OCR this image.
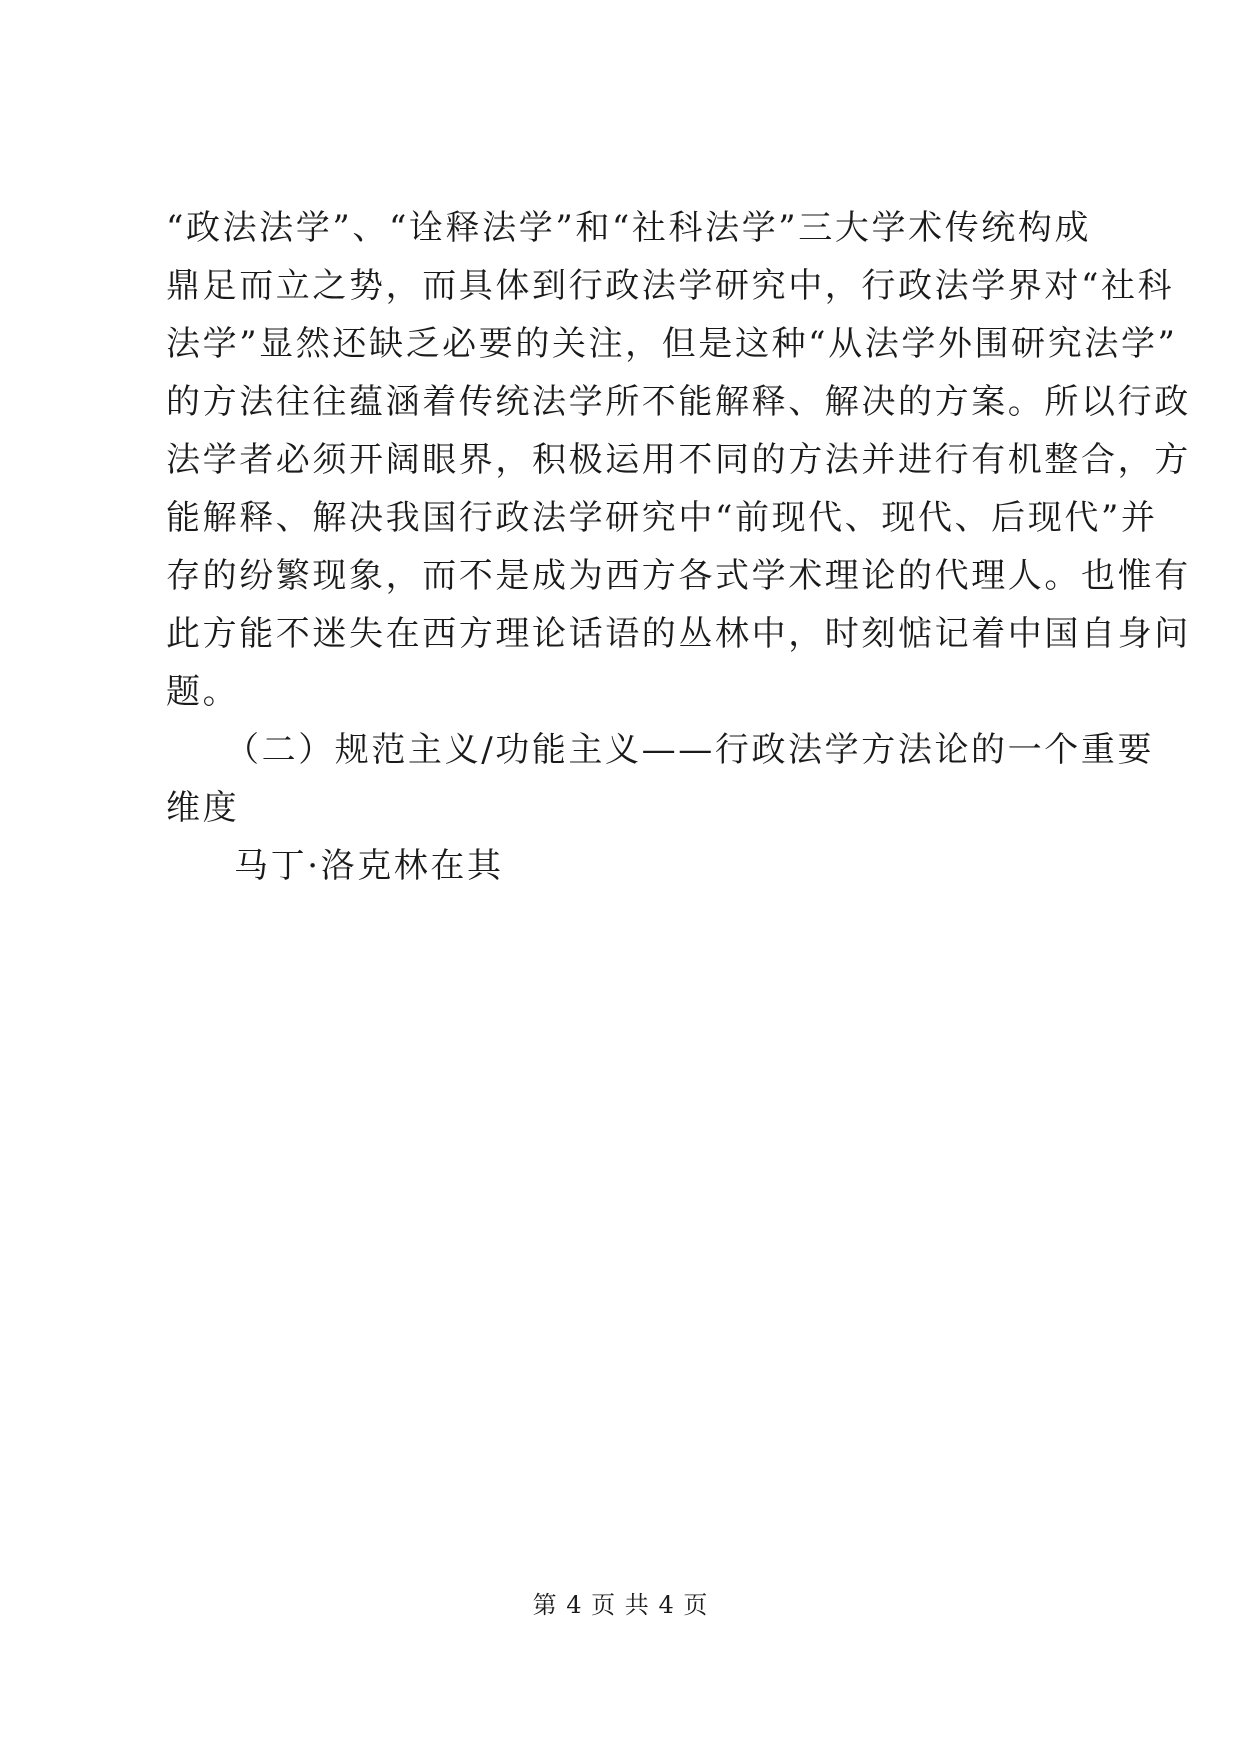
“政法法学”、“诠释法学”和“社科法学”三大学术传统构成
鼎足而立之势，而具体到行政法学研究中，行政法学界对“社科
法学”显然还缺乏必要的关注，但是这种“从法学外围研究法学”
的方法往往蕴涵着传统法学所不能解释、解决的方案。所以行政
法学者必须开阔眼界，积极运用不同的方法并进行有机整合，方
能解释、解决我国行政法学研究中“前现代、现代、后现代”并
存的纷繁现象，而不是成为西方各式学术理论的代理人。也惟有
此方能不迷失在西方理论话语的丛林中，时刻惦记着中国自身问
题。
（二）规范主义/功能主义——行政法学方法论的一个重要
维度
马丁·洛克林在其
第 4 页 共 4 页
